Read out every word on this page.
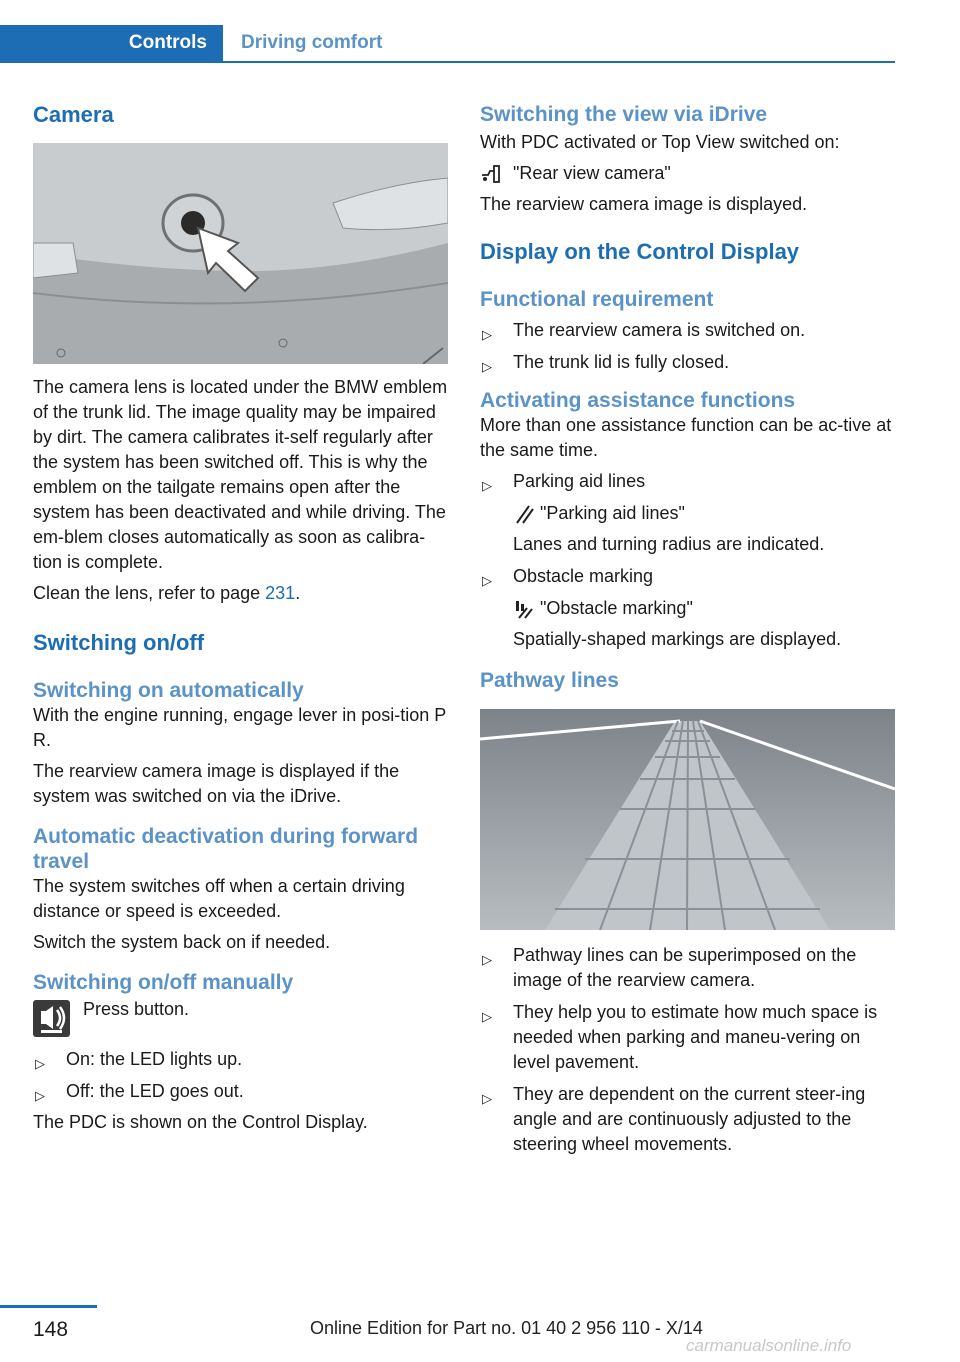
Controls Driving comfort
Camera

The camera lens is located under the BMW emblem of the trunk lid. The image quality may be impaired by dirt. The camera calibrates it-self regularly after the system has been switched off. This is why the emblem on the tailgate remains open after the system has been deactivated and while driving. The em-blem closes automatically as soon as calibra-tion is complete.

Clean the lens, refer to page 231.

Switching on/off
Switching on automatically

With the engine running, engage lever in posi-tion P R.

The rearview camera image is displayed if the system was switched on via the iDrive.

Automatic deactivation during forward travel

The system switches off when a certain driving distance or speed is exceeded.

Switch the system back on if needed.

Switching on/off manually

Press button.

▷ On: the LED lights up.
▷ Off: the LED goes out.

The PDC is shown on the Control Display.

Switching the view via iDrive

With PDC activated or Top View switched on:

"Rear view camera"

The rearview camera image is displayed.

Display on the Control Display
Functional requirement
▷ The rearview camera is switched on.
▷ The trunk lid is fully closed.
Activating assistance functions

More than one assistance function can be ac-tive at the same time.

▷ Parking aid lines
"Parking aid lines"
Lanes and turning radius are indicated.
▷ Obstacle marking
"Obstacle marking"
Spatially-shaped markings are displayed.
Pathway lines
▷ Pathway lines can be superimposed on the image of the rearview camera.
▷ They help you to estimate how much space is needed when parking and maneu-vering on level pavement.
▷ They are dependent on the current steer-ing angle and are continuously adjusted to the steering wheel movements.
148	Online Edition for Part no. 01 40 2 956 110 - X/14
carmanualsonline.info
